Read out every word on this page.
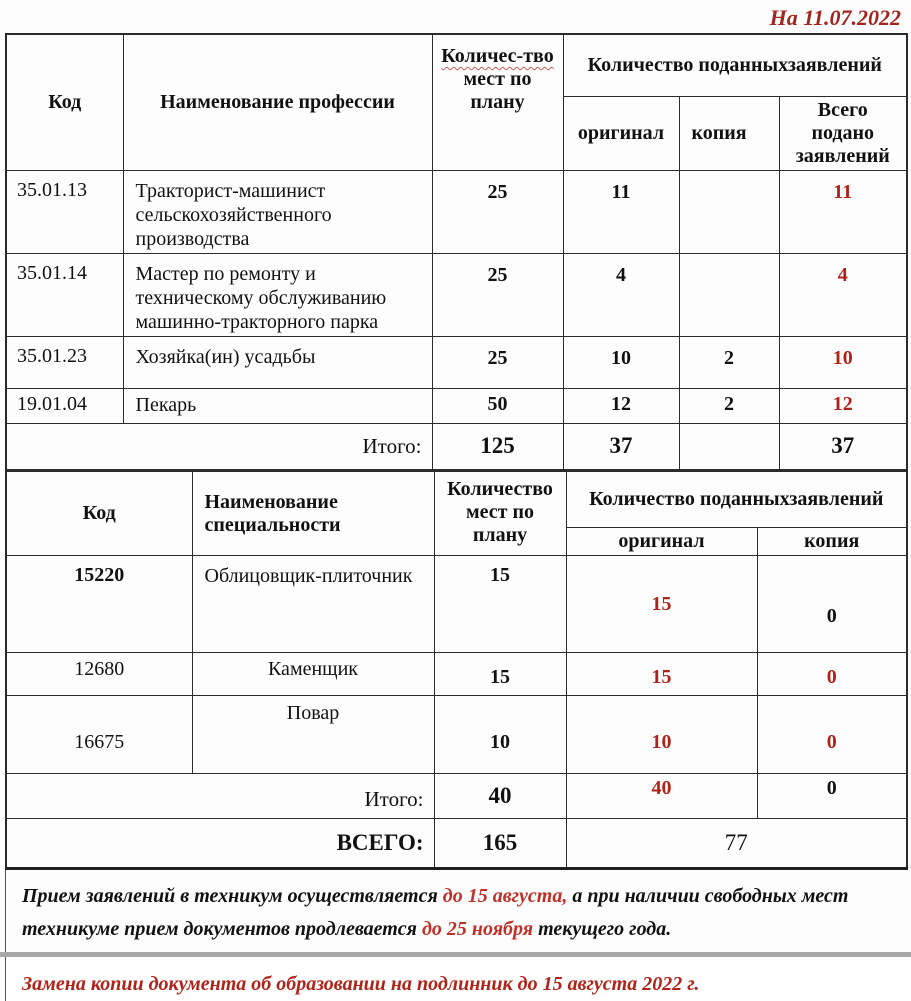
На 11.07.2022
Код	Наименование профессии	Количес-тво мест по плану	Количество поданныхзаявлений		
			оригинал	копия	Всего подано заявлений
35.01.13	Тракторист-машинист сельскохозяйственного производства	25	11		11
35.01.14	Мастер по ремонту и техническому обслуживанию машинно-тракторного парка	25	4		4
35.01.23	Хозяйка(ин) усадьбы	25	10	2	10
19.01.04	Пекарь	50	12	2	12
Итого:		125	37		37
Код	Наименование специальности	Количество мест по плану	Количество поданныхзаявлений	
			оригинал	копия
15220	Облицовщик-плиточник	15	15	0
12680	Каменщик	15	15	0
16675	Повар	10	10	0
Итого:		40	40	0
ВСЕГО:		165	77	

Прием заявлений в техникум осуществляется до 15 августа, а при наличии свободных мест техникуме прием документов продлевается до 25 ноября текущего года.

Замена копии документа об образовании на подлинник до 15 августа 2022 г.
